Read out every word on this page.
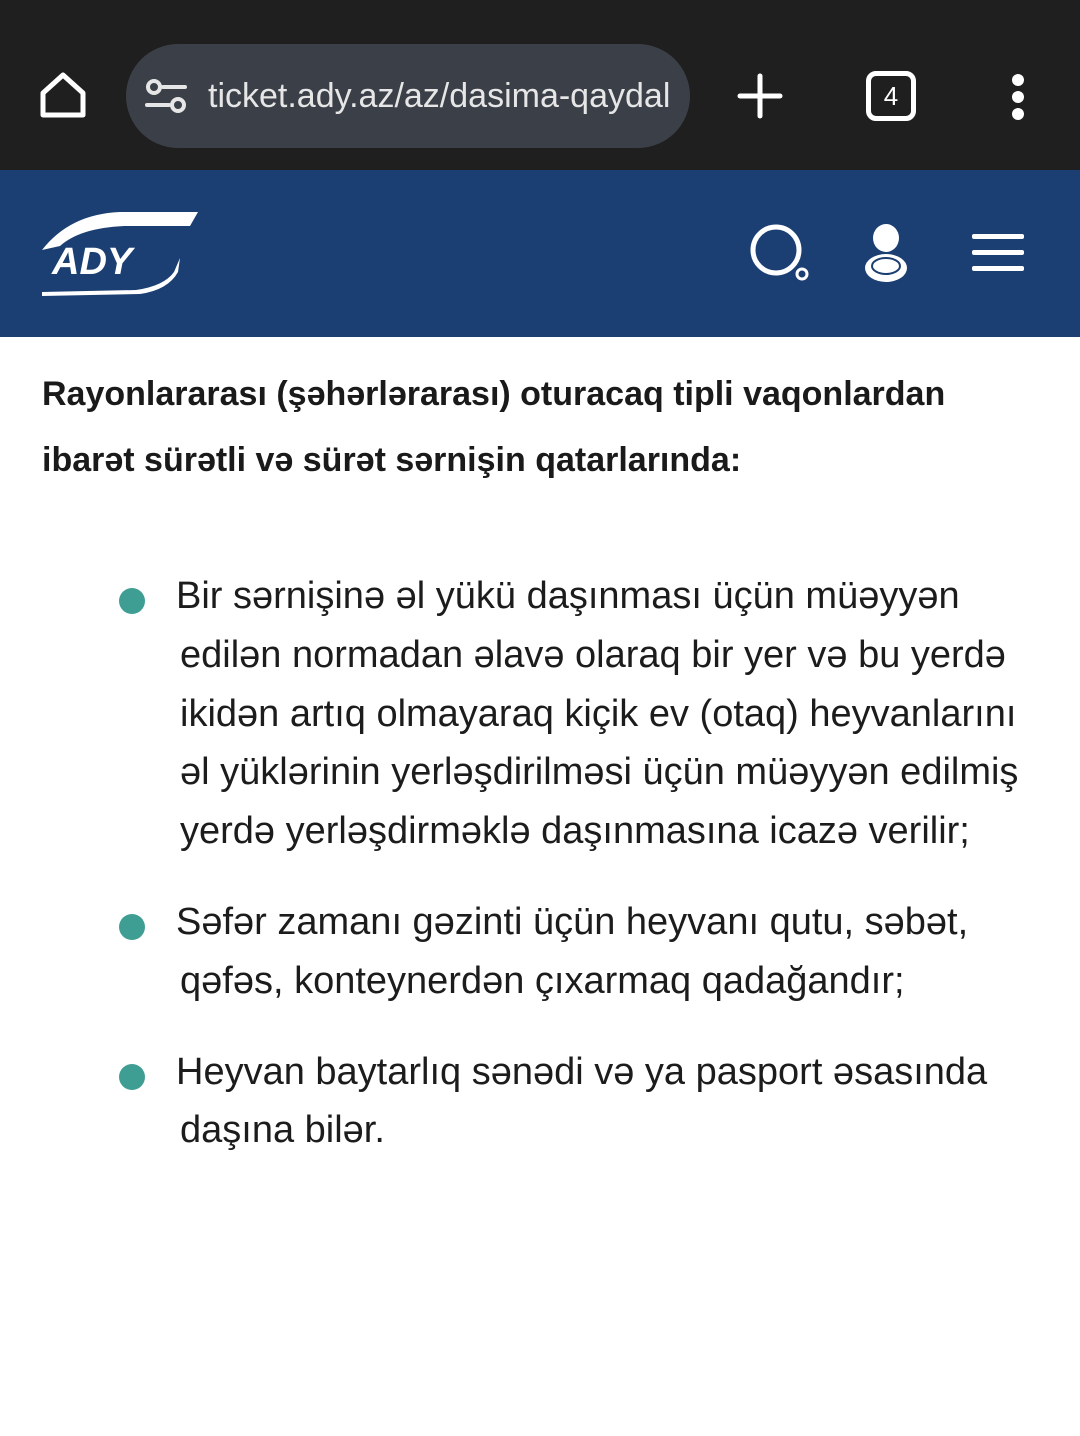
ticket.ady.az/az/dasima-qaydal	4
ADY
Rayonlararası (şəhərlərarası) oturacaq tipli vaqonlardan ibarət sürətli və sürət sərnişin qatarlarında:
Bir sərnişinə əl yükü daşınması üçün müəyyən edilən normadan əlavə olaraq bir yer və bu yerdə ikidən artıq olmayaraq kiçik ev (otaq) heyvanlarını əl yüklərinin yerləşdirilməsi üçün müəyyən edilmiş yerdə yerləşdirməklə daşınmasına icazə verilir;
Səfər zamanı gəzinti üçün heyvanı qutu, səbət, qəfəs, konteynerdən çıxarmaq qadağandır;
Heyvan baytarlıq sənədi və ya pasport əsasında daşına bilər.
